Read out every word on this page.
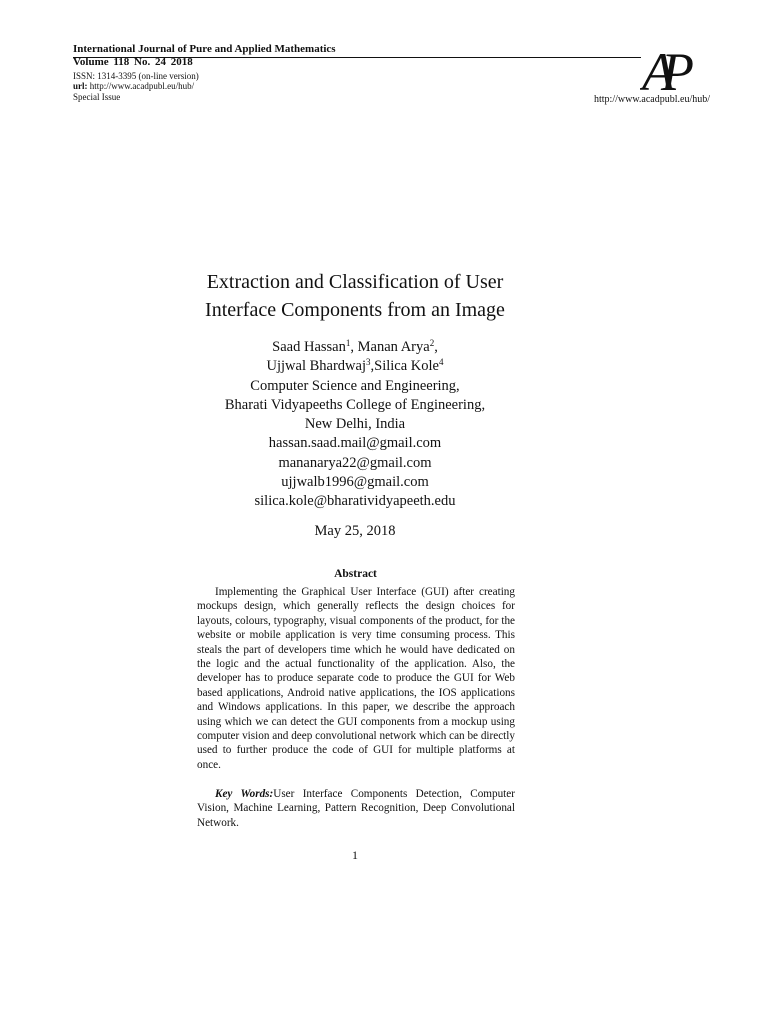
International Journal of Pure and Applied Mathematics
Volume 118 No. 24 2018
ISSN: 1314-3395 (on-line version)
url: http://www.acadpubl.eu/hub/
Special Issue	AP
http://www.acadpubl.eu/hub/
Extraction and Classification of User
Interface Components from an Image
Saad Hassan$^1$, Manan Arya$^2$,
Ujjwal Bhardwaj$^3$,Silica Kole$^4$
Computer Science and Engineering,
Bharati Vidyapeeths College of Engineering,
New Delhi, India
hassan.saad.mail@gmail.com
mananarya22@gmail.com
ujjwalb1996@gmail.com
silica.kole@bharatividyapeeth.edu
May 25, 2018
Abstract
Implementing the Graphical User Interface (GUI) after creating mockups design, which generally reflects the design choices for layouts, colours, typography, visual components of the product, for the website or mobile application is very time consuming process. This steals the part of developers time which he would have dedicated on the logic and the actual functionality of the application. Also, the developer has to produce separate code to produce the GUI for Web based applications, Android native applications, the IOS applications and Windows applications. In this paper, we describe the approach using which we can detect the GUI components from a mockup using computer vision and deep convolutional network which can be directly used to further produce the code of GUI for multiple platforms at once.
Key Words:User Interface Components Detection, Computer Vision, Machine Learning, Pattern Recognition, Deep Convolutional Network.
1
